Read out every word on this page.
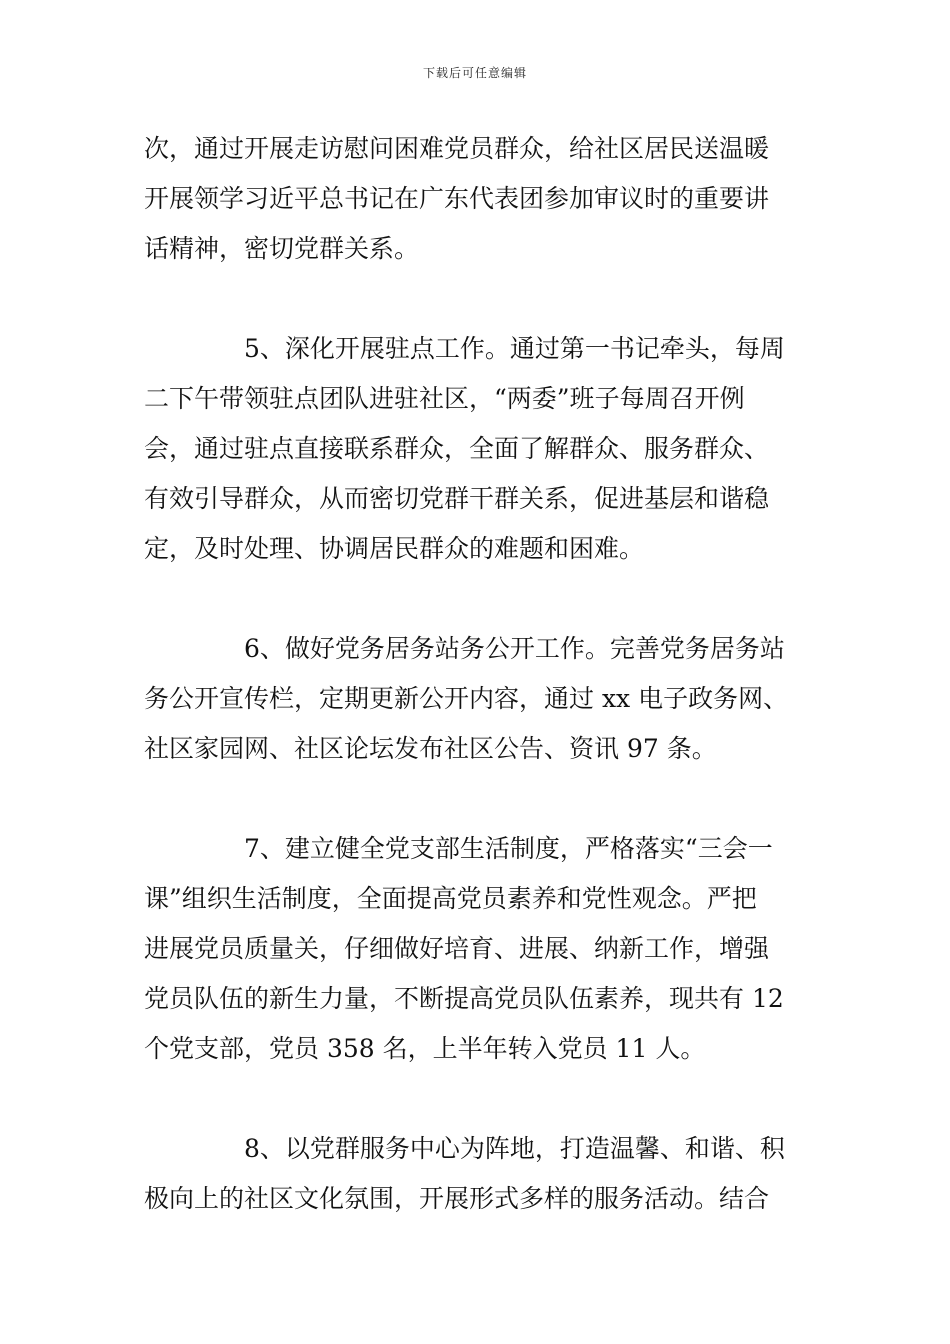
下载后可任意编辑
次，通过开展走访慰问困难党员群众，给社区居民送温暖
开展领学习近平总书记在广东代表团参加审议时的重要讲
话精神，密切党群关系。
5、深化开展驻点工作。通过第一书记牵头，每周
二下午带领驻点团队进驻社区，“两委”班子每周召开例
会，通过驻点直接联系群众，全面了解群众、服务群众、
有效引导群众，从而密切党群干群关系，促进基层和谐稳
定，及时处理、协调居民群众的难题和困难。
6、做好党务居务站务公开工作。完善党务居务站
务公开宣传栏，定期更新公开内容，通过 xx 电子政务网、
社区家园网、社区论坛发布社区公告、资讯 97 条。
7、建立健全党支部生活制度，严格落实“三会一
课”组织生活制度，全面提高党员素养和党性观念。严把
进展党员质量关，仔细做好培育、进展、纳新工作，增强
党员队伍的新生力量，不断提高党员队伍素养，现共有 12
个党支部，党员 358 名，上半年转入党员 11 人。
8、以党群服务中心为阵地，打造温馨、和谐、积
极向上的社区文化氛围，开展形式多样的服务活动。结合
